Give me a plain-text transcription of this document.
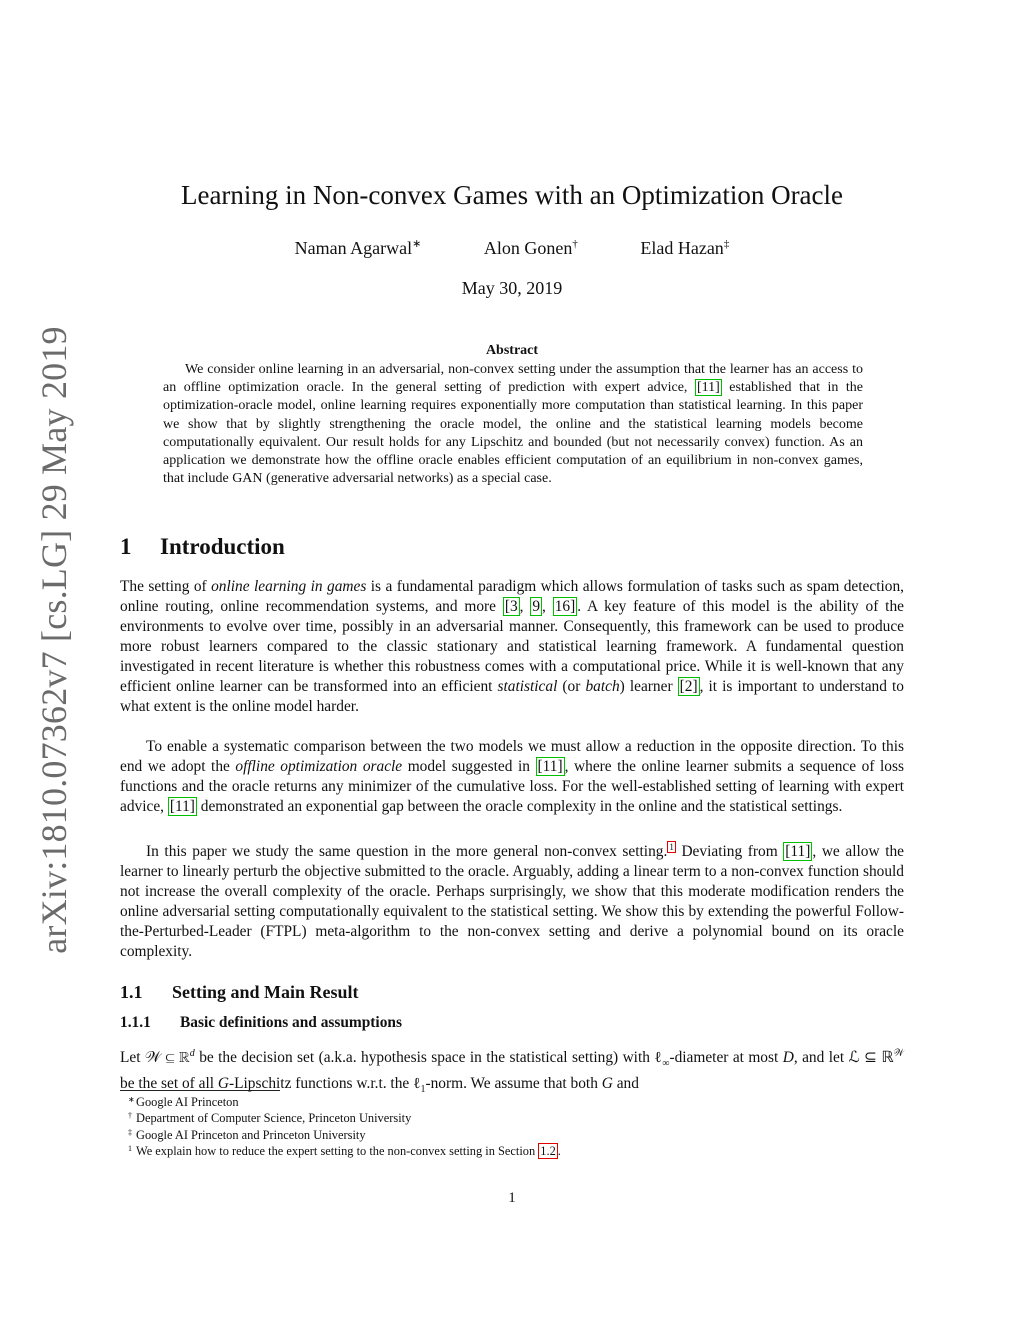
arXiv:1810.07362v7 [cs.LG] 29 May 2019
Learning in Non-convex Games with an Optimization Oracle
Naman Agarwal∗	Alon Gonen†	Elad Hazan‡
May 30, 2019
Abstract
We consider online learning in an adversarial, non-convex setting under the assumption that the learner has an access to an offline optimization oracle. In the general setting of prediction with expert advice, [11] established that in the optimization-oracle model, online learning requires exponentially more computation than statistical learning. In this paper we show that by slightly strengthening the oracle model, the online and the statistical learning models become computationally equivalent. Our result holds for any Lipschitz and bounded (but not necessarily convex) function. As an application we demonstrate how the offline oracle enables efficient computation of an equilibrium in non-convex games, that include GAN (generative adversarial networks) as a special case.
1 Introduction
The setting of online learning in games is a fundamental paradigm which allows formulation of tasks such as spam detection, online routing, online recommendation systems, and more [3 , 9 , 16] . A key feature of this model is the ability of the environments to evolve over time, possibly in an adversarial manner. Consequently, this framework can be used to produce more robust learners compared to the classic stationary and statistical learning framework. A fundamental question investigated in recent literature is whether this robustness comes with a computational price. While it is well-known that any efficient online learner can be transformed into an efficient statistical (or batch) learner [2] , it is important to understand to what extent is the online model harder.
To enable a systematic comparison between the two models we must allow a reduction in the opposite direction. To this end we adopt the offline optimization oracle model suggested in [11] , where the online learner submits a sequence of loss functions and the oracle returns any minimizer of the cumulative loss. For the well-established setting of learning with expert advice, [11] demonstrated an exponential gap between the oracle complexity in the online and the statistical settings.
In this paper we study the same question in the more general non-convex setting. $^1$ Deviating from [11] , we allow the learner to linearly perturb the objective submitted to the oracle. Arguably, adding a linear term to a non-convex function should not increase the overall complexity of the oracle. Perhaps surprisingly, we show that this moderate modification renders the online adversarial setting computationally equivalent to the statistical setting. We show this by extending the powerful Follow-the-Perturbed-Leader (FTPL) meta-algorithm to the non-convex setting and derive a polynomial bound on its oracle complexity.
1.1 Setting and Main Result
1.1.1 Basic definitions and assumptions
Let 𝒲 ⊆ ℝ$^d$ be the decision set (a.k.a. hypothesis space in the statistical setting) with ℓ$_\infty$-diameter at most D, and let ℒ ⊆ ℝ$^𝒲$ be the set of all G-Lipschitz functions w.r.t. the ℓ$_1$-norm. We assume that both G and
∗ Google AI Princeton
† Department of Computer Science, Princeton University
‡ Google AI Princeton and Princeton University
1 We explain how to reduce the expert setting to the non-convex setting in Section 1.2 .
1
